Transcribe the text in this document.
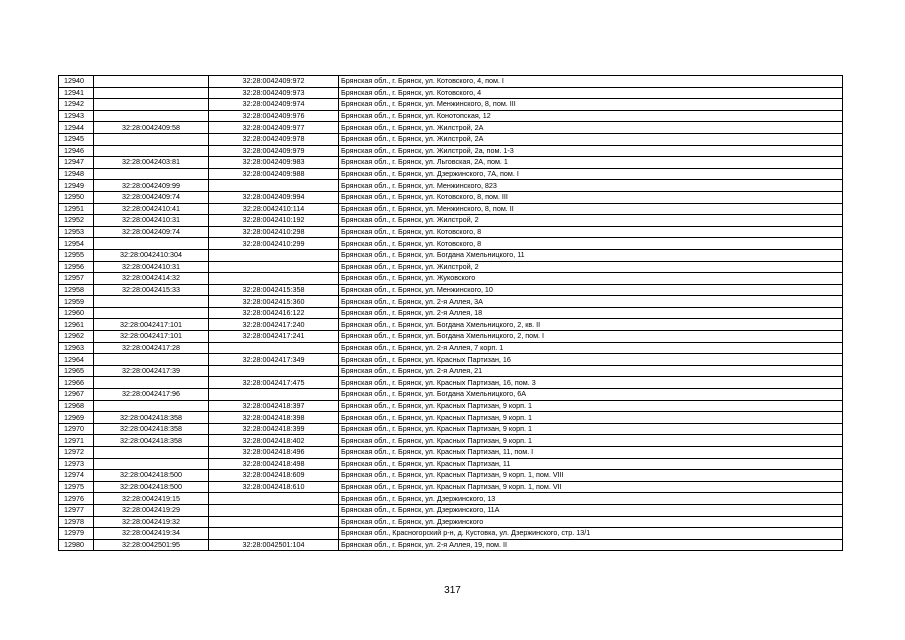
12940		32:28:0042409:972	Брянская обл., г. Брянск, ул. Котовского, 4, пом. I
12941		32:28:0042409:973	Брянская обл., г. Брянск, ул. Котовского, 4
12942		32:28:0042409:974	Брянская обл., г. Брянск, ул. Менжинского, 8, пом. III
12943		32:28:0042409:976	Брянская обл., г. Брянск, ул. Конотопская, 12
12944	32:28:0042409:58	32:28:0042409:977	Брянская обл., г. Брянск, ул. Жилстрой, 2А
12945		32:28:0042409:978	Брянская обл., г. Брянск, ул. Жилстрой, 2А
12946		32:28:0042409:979	Брянская обл., г. Брянск, ул. Жилстрой, 2а, пом. 1-3
12947	32:28:0042403:81	32:28:0042409:983	Брянская обл., г. Брянск, ул. Льговская, 2А, пом. 1
12948		32:28:0042409:988	Брянская обл., г. Брянск, ул. Дзержинского, 7А, пом. I
12949	32:28:0042409:99		Брянская обл., г. Брянск, ул. Менжинского, 823
12950	32:28:0042409:74	32:28:0042409:994	Брянская обл., г. Брянск, ул. Котовского, 8, пом. III
12951	32:28:0042410:41	32:28:0042410:114	Брянская обл., г. Брянск, ул. Менжинского, 8, пом. II
12952	32:28:0042410:31	32:28:0042410:192	Брянская обл., г. Брянск, ул. Жилстрой, 2
12953	32:28:0042409:74	32:28:0042410:298	Брянская обл., г. Брянск, ул. Котовского, 8
12954		32:28:0042410:299	Брянская обл., г. Брянск, ул. Котовского, 8
12955	32:28:0042410:304		Брянская обл., г. Брянск, ул. Богдана Хмельницкого, 11
12956	32:28:0042410:31		Брянская обл., г. Брянск, ул. Жилстрой, 2
12957	32:28:0042414:32		Брянская обл., г. Брянск, ул. Жуковского
12958	32:28:0042415:33	32:28:0042415:358	Брянская обл., г. Брянск, ул. Менжинского, 10
12959		32:28:0042415:360	Брянская обл., г. Брянск, ул. 2-я Аллея, 3А
12960		32:28:0042416:122	Брянская обл., г. Брянск, ул. 2-я Аллея, 18
12961	32:28:0042417:101	32:28:0042417:240	Брянская обл., г. Брянск, ул. Богдана Хмельницкого, 2, кв. II
12962	32:28:0042417:101	32:28:0042417:241	Брянская обл., г. Брянск, ул. Богдана Хмельницкого, 2, пом. I
12963	32:28:0042417:28		Брянская обл., г. Брянск, ул. 2-я Аллея, 7 корп. 1
12964		32:28:0042417:349	Брянская обл., г. Брянск, ул. Красных Партизан, 16
12965	32:28:0042417:39		Брянская обл., г. Брянск, ул. 2-я Аллея, 21
12966		32:28:0042417:475	Брянская обл., г. Брянск, ул. Красных Партизан, 16, пом. 3
12967	32:28:0042417:96		Брянская обл., г. Брянск, ул. Богдана Хмельницкого, 6А
12968		32:28:0042418:397	Брянская обл., г. Брянск, ул. Красных Партизан, 9 корп. 1
12969	32:28:0042418:358	32:28:0042418:398	Брянская обл., г. Брянск, ул. Красных Партизан, 9 корп. 1
12970	32:28:0042418:358	32:28:0042418:399	Брянская обл., г. Брянск, ул. Красных Партизан, 9 корп. 1
12971	32:28:0042418:358	32:28:0042418:402	Брянская обл., г. Брянск, ул. Красных Партизан, 9 корп. 1
12972		32:28:0042418:496	Брянская обл., г. Брянск, ул. Красных Партизан, 11, пом. I
12973		32:28:0042418:498	Брянская обл., г. Брянск, ул. Красных Партизан, 11
12974	32:28:0042418:500	32:28:0042418:609	Брянская обл., г. Брянск, ул. Красных Партизан, 9 корп. 1, пом. VIII
12975	32:28:0042418:500	32:28:0042418:610	Брянская обл., г. Брянск, ул. Красных Партизан, 9 корп. 1, пом. VII
12976	32:28:0042419:15		Брянская обл., г. Брянск, ул. Дзержинского, 13
12977	32:28:0042419:29		Брянская обл., г. Брянск, ул. Дзержинского, 11А
12978	32:28:0042419:32		Брянская обл., г. Брянск, ул. Дзержинского
12979	32:28:0042419:34		Брянская обл., Красногорский р-н, д. Кустовка, ул. Дзержинского, стр. 13/1
12980	32:28:0042501:95	32:28:0042501:104	Брянская обл., г. Брянск, ул. 2-я Аллея, 19, пом. II
317
